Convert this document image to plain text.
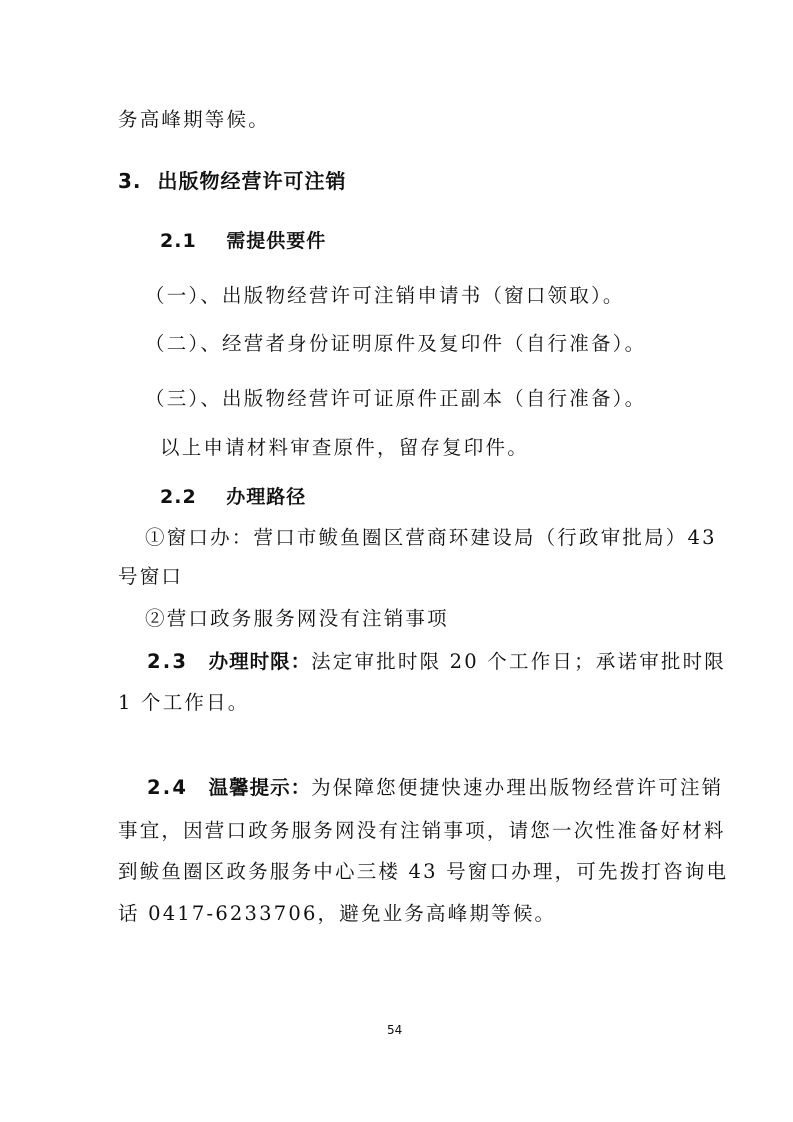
务高峰期等候。

3. 出版物经营许可注销

2.1 需提供要件

（一）、出版物经营许可注销申请书（窗口领取）。

（二）、经营者身份证明原件及复印件（自行准备）。

（三）、出版物经营许可证原件正副本（自行准备）。

以上申请材料审查原件，留存复印件。

2.2 办理路径

①窗口办：营口市鲅鱼圈区营商环建设局（行政审批局）43

号窗口

②营口政务服务网没有注销事项

2.3 办理时限：法定审批时限 20 个工作日；承诺审批时限

1 个工作日。

2.4 温馨提示：为保障您便捷快速办理出版物经营许可注销

事宜，因营口政务服务网没有注销事项，请您一次性准备好材料

到鲅鱼圈区政务服务中心三楼 43 号窗口办理，可先拨打咨询电

话 0417-6233706，避免业务高峰期等候。

54
